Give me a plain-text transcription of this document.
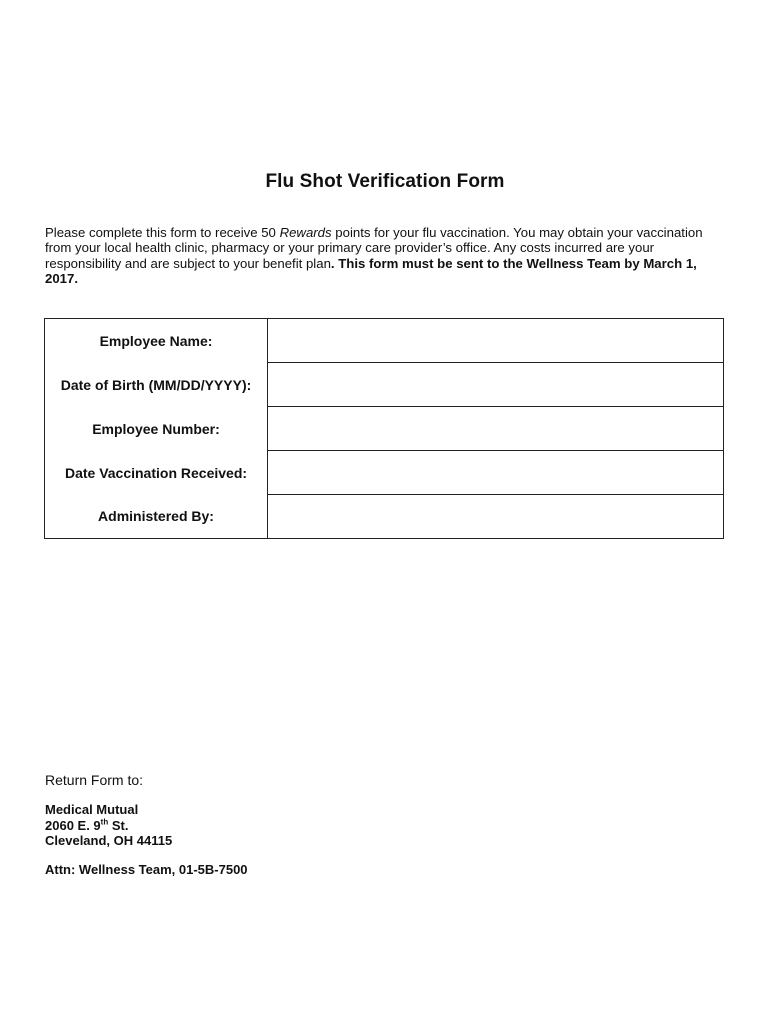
Flu Shot Verification Form
Please complete this form to receive 50 Rewards points for your flu vaccination. You may obtain your vaccination from your local health clinic, pharmacy or your primary care provider’s office. Any costs incurred are your responsibility and are subject to your benefit plan. This form must be sent to the Wellness Team by March 1, 2017.
Employee Name:	

Date of Birth (MM/DD/YYYY):	

Employee Number:	

Date Vaccination Received:	

Administered By:	
Return Form to:
Medical Mutual
2060 E. 9th St.
Cleveland, OH 44115
Attn: Wellness Team, 01-5B-7500
